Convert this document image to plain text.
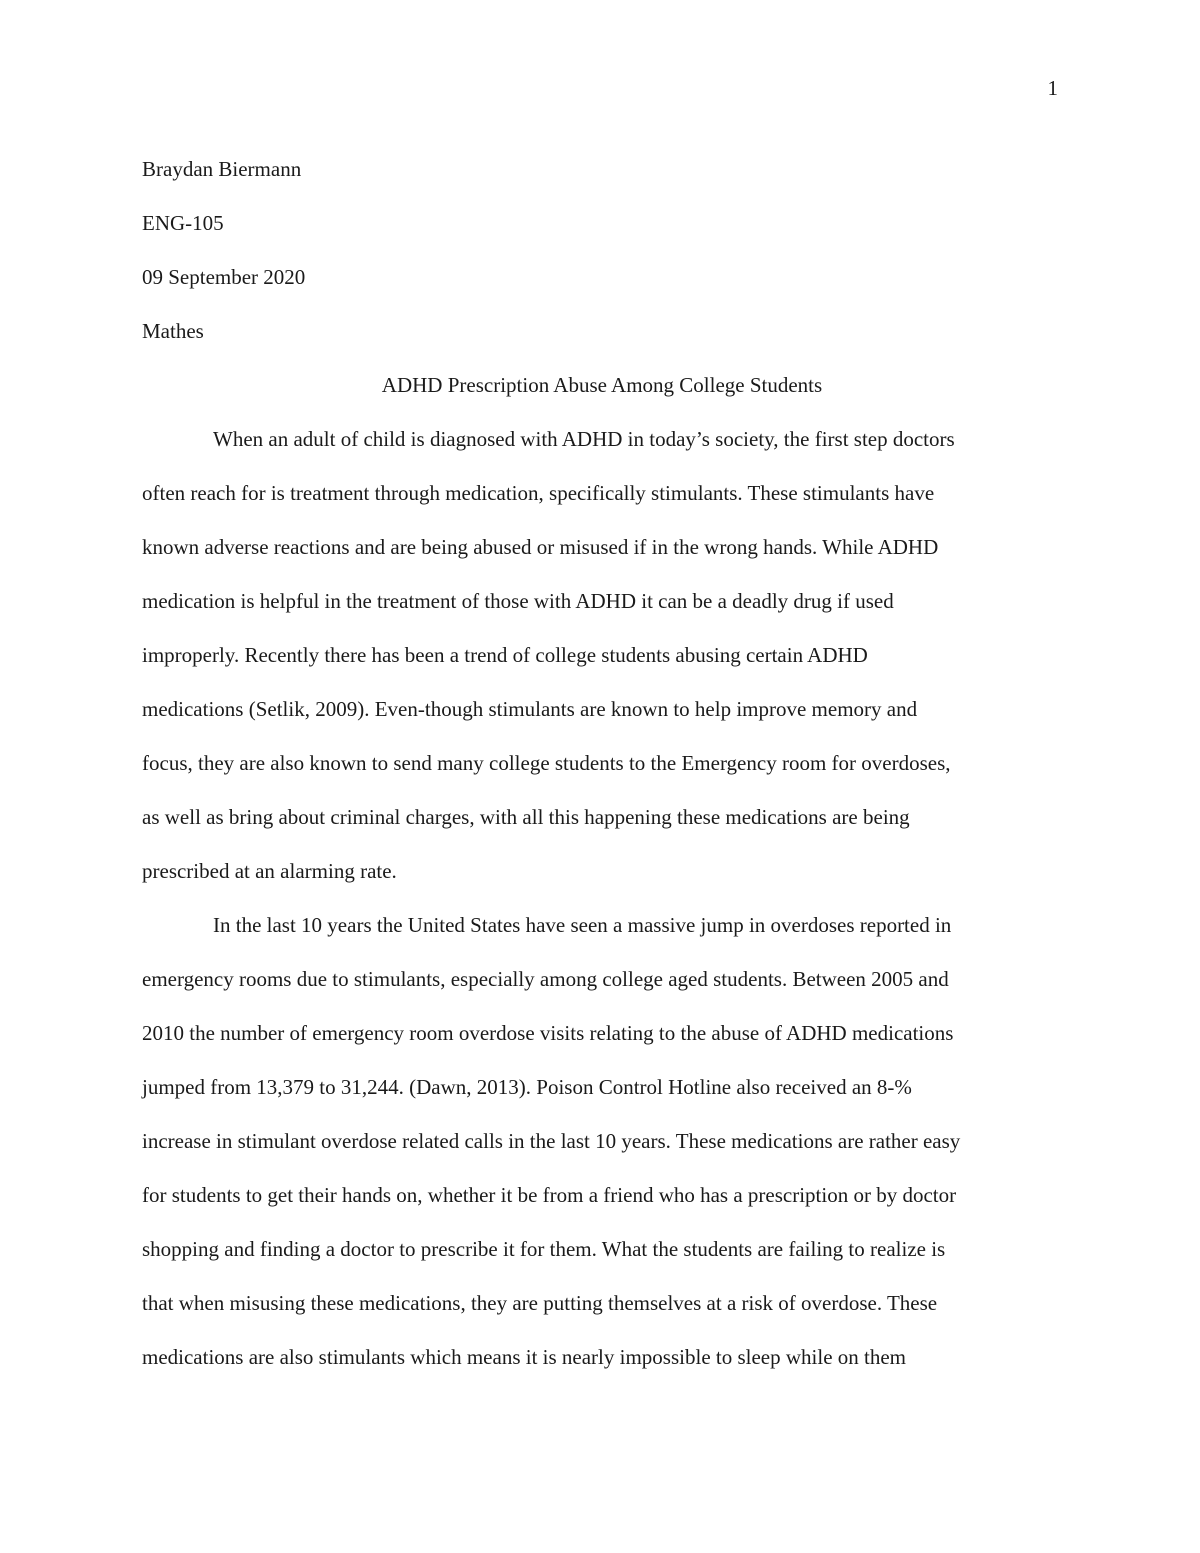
1

Braydan Biermann

ENG-105

09 September 2020

Mathes

ADHD Prescription Abuse Among College Students

When an adult of child is diagnosed with ADHD in today’s society, the first step doctors
often reach for is treatment through medication, specifically stimulants. These stimulants have
known adverse reactions and are being abused or misused if in the wrong hands. While ADHD
medication is helpful in the treatment of those with ADHD it can be a deadly drug if used
improperly. Recently there has been a trend of college students abusing certain ADHD
medications (Setlik, 2009). Even-though stimulants are known to help improve memory and
focus, they are also known to send many college students to the Emergency room for overdoses,
as well as bring about criminal charges, with all this happening these medications are being
prescribed at an alarming rate.
In the last 10 years the United States have seen a massive jump in overdoses reported in
emergency rooms due to stimulants, especially among college aged students. Between 2005 and
2010 the number of emergency room overdose visits relating to the abuse of ADHD medications
jumped from 13,379 to 31,244. (Dawn, 2013). Poison Control Hotline also received an 8-%
increase in stimulant overdose related calls in the last 10 years. These medications are rather easy
for students to get their hands on, whether it be from a friend who has a prescription or by doctor
shopping and finding a doctor to prescribe it for them. What the students are failing to realize is
that when misusing these medications, they are putting themselves at a risk of overdose. These
medications are also stimulants which means it is nearly impossible to sleep while on them
